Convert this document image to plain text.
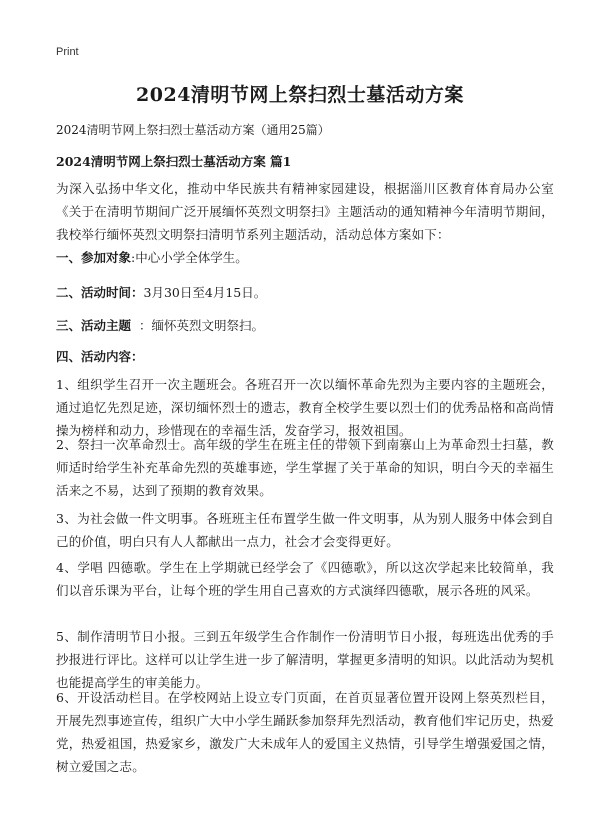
Print
2024清明节网上祭扫烈士墓活动方案
2024清明节网上祭扫烈士墓活动方案（通用25篇）
2024清明节网上祭扫烈士墓活动方案 篇1
为深入弘扬中华文化，推动中华民族共有精神家园建设，根据淄川区教育体育局办公室《关于在清明节期间广泛开展缅怀英烈文明祭扫》主题活动的通知精神今年清明节期间，我校举行缅怀英烈文明祭扫清明节系列主题活动，活动总体方案如下：
一、参加对象:中心小学全体学生。
二、活动时间：3月30日至4月15日。
三、活动主题  ：缅怀英烈文明祭扫。
四、活动内容：
1、组织学生召开一次主题班会。各班召开一次以缅怀革命先烈为主要内容的主题班会，通过追忆先烈足迹，深切缅怀烈士的遗志，教育全校学生要以烈士们的优秀品格和高尚情操为榜样和动力，珍惜现在的幸福生活，发奋学习，报效祖国。
2、祭扫一次革命烈士。高年级的学生在班主任的带领下到南寨山上为革命烈士扫墓，教师适时给学生补充革命先烈的英雄事迹，学生掌握了关于革命的知识，明白今天的幸福生活来之不易，达到了预期的教育效果。
3、为社会做一件文明事。各班班主任布置学生做一件文明事，从为别人服务中体会到自己的价值，明白只有人人都献出一点力，社会才会变得更好。
4、学唱 四德歌。学生在上学期就已经学会了《四德歌》，所以这次学起来比较简单，我们以音乐课为平台，让每个班的学生用自己喜欢的方式演绎四德歌，展示各班的风采。
5、制作清明节日小报。三到五年级学生合作制作一份清明节日小报，每班选出优秀的手抄报进行评比。这样可以让学生进一步了解清明，掌握更多清明的知识。以此活动为契机也能提高学生的审美能力。
6、开设活动栏目。在学校网站上设立专门页面，在首页显著位置开设网上祭英烈栏目，开展先烈事迹宣传，组织广大中小学生踊跃参加祭拜先烈活动，教育他们牢记历史，热爱党，热爱祖国，热爱家乡，激发广大未成年人的爱国主义热情，引导学生增强爱国之情，树立爱国之志。
